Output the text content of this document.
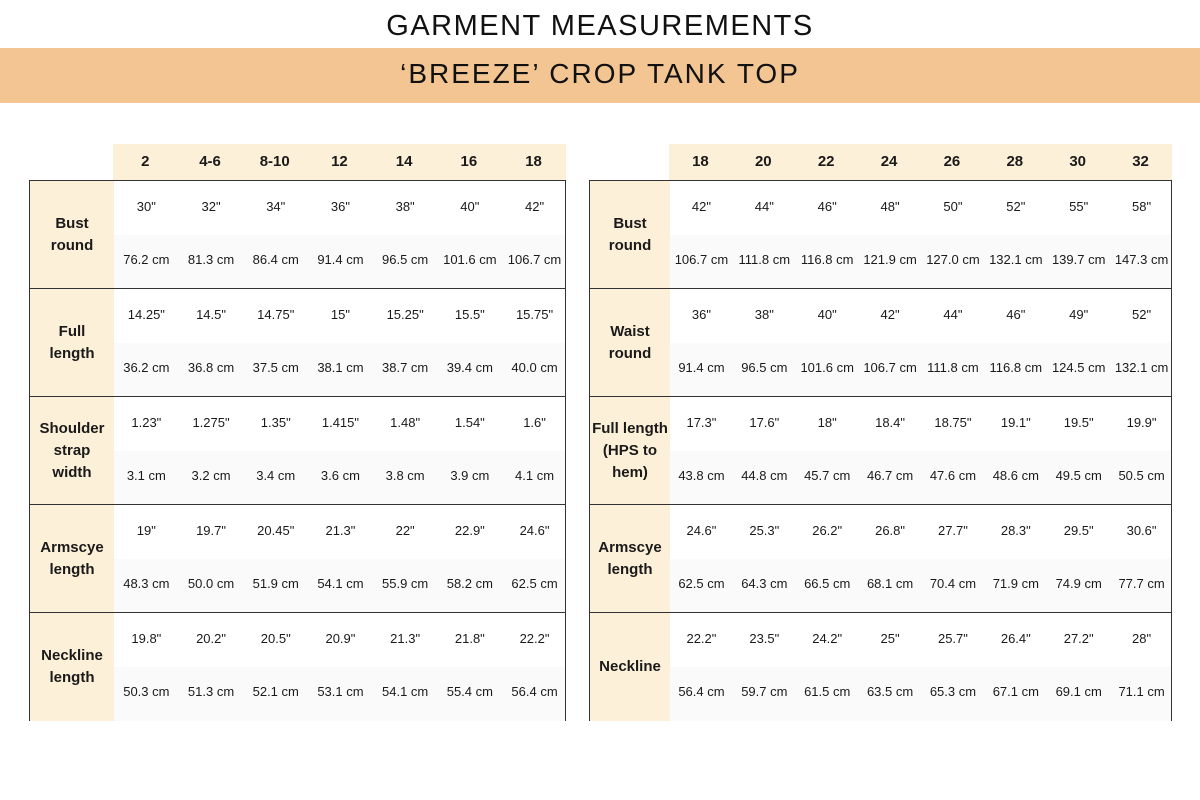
GARMENT MEASUREMENTS
‘BREEZE’ CROP TANK TOP
2	4-6	8-10	12	14	16	18
Bust
round
30"	32"	34"	36"	38"	40"	42"
76.2 cm	81.3 cm	86.4 cm	91.4 cm	96.5 cm	101.6 cm 106.7 cm
Full
length
14.25"	14.5"	14.75"	15"	15.25"	15.5"	15.75"
36.2 cm	36.8 cm	37.5 cm	38.1 cm	38.7 cm	39.4 cm	40.0 cm
Shoulder
strap
width
1.23"	1.275"	1.35"	1.415"	1.48"	1.54"	1.6"
3.1 cm	3.2 cm	3.4 cm	3.6 cm	3.8 cm	3.9 cm	4.1 cm
Armscye
length
19"	19.7"	20.45"	21.3"	22"	22.9"	24.6"
48.3 cm	50.0 cm	51.9 cm	54.1 cm	55.9 cm	58.2 cm	62.5 cm
Neckline
length
19.8"	20.2"	20.5"	20.9"	21.3"	21.8"	22.2"
50.3 cm	51.3 cm	52.1 cm	53.1 cm	54.1 cm	55.4 cm	56.4 cm
18	20	22	24	26	28	30	32
Bust
round
42"	44"	46"	48"	50"	52"	55"	58"
106.7 cm 111.8 cm 116.8 cm 121.9 cm 127.0 cm 132.1 cm 139.7 cm 147.3 cm
Waist
round
36"	38"	40"	42"	44"	46"	49"	52"
91.4 cm	96.5 cm	101.6 cm 106.7 cm 111.8 cm 116.8 cm 124.5 cm 132.1 cm
Full length
(HPS to
hem)
17.3"	17.6"	18"	18.4"	18.75"	19.1"	19.5"	19.9"
43.8 cm	44.8 cm	45.7 cm	46.7 cm	47.6 cm	48.6 cm	49.5 cm	50.5 cm
Armscye
length
24.6"	25.3"	26.2"	26.8"	27.7"	28.3"	29.5"	30.6"
62.5 cm	64.3 cm	66.5 cm	68.1 cm	70.4 cm	71.9 cm	74.9 cm	77.7 cm
Neckline
22.2"	23.5"	24.2"	25"	25.7"	26.4"	27.2"	28"
56.4 cm	59.7 cm	61.5 cm	63.5 cm	65.3 cm	67.1 cm	69.1 cm	71.1 cm
